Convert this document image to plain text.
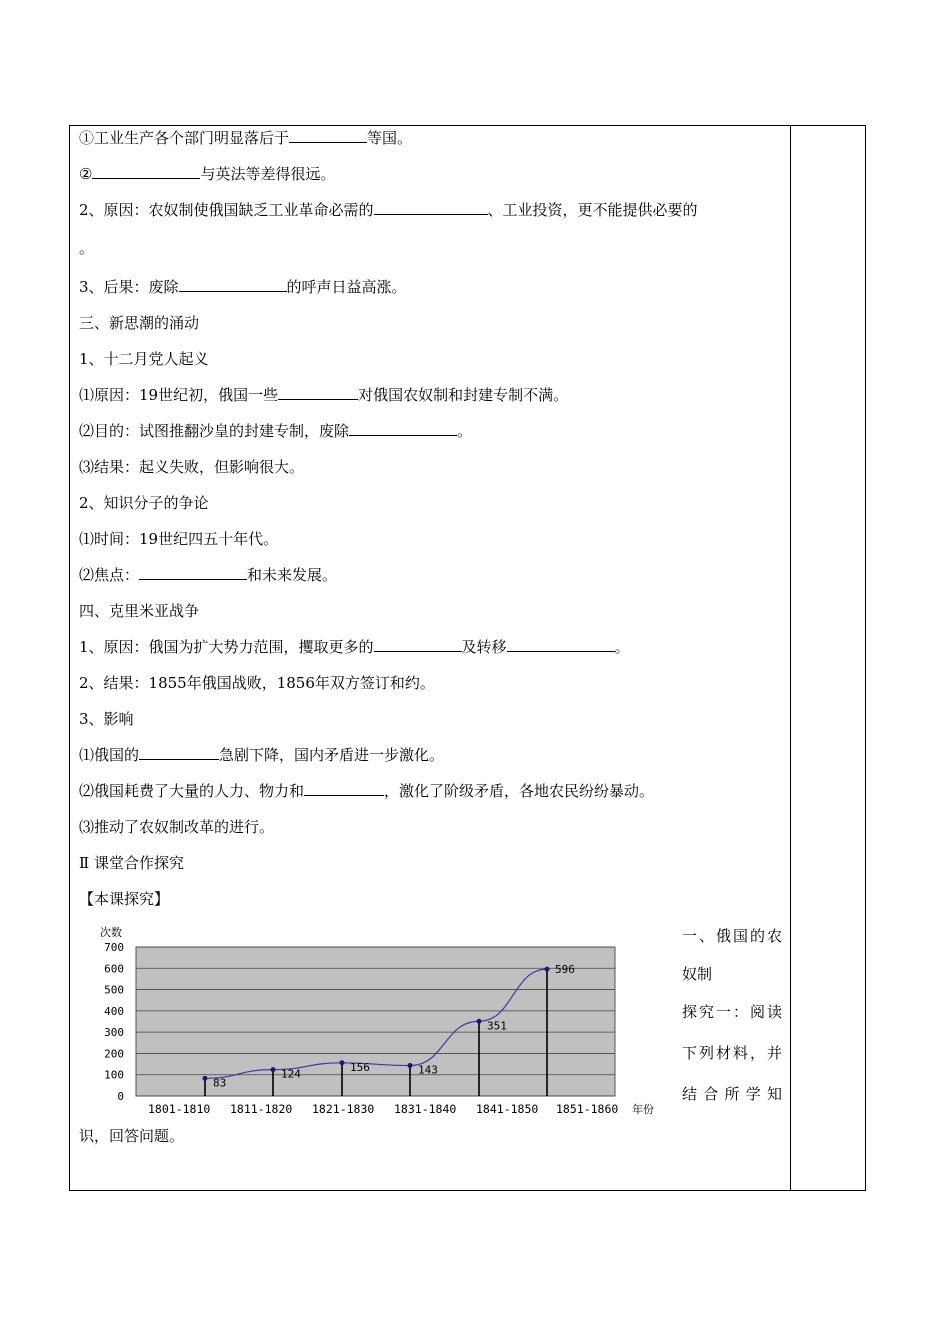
①工业生产各个部门明显落后于	等国。
②	与英法等差得很远。
2、原因：农奴制使俄国缺乏工业革命必需的	、工业投资，更不能提供必要的
。
3、后果：废除	的呼声日益高涨。
三、新思潮的涌动
1、十二月党人起义
⑴原因：19世纪初，俄国一些	对俄国农奴制和封建专制不满。
⑵目的：试图推翻沙皇的封建专制，废除	。
⑶结果：起义失败，但影响很大。
2、知识分子的争论
⑴时间：19世纪四五十年代。
⑵焦点：	和未来发展。
四、克里米亚战争
1、原因：俄国为扩大势力范围，攫取更多的	及转移	。
2、结果：1855年俄国战败，1856年双方签订和约。
3、影响
⑴俄国的	急剧下降，国内矛盾进一步激化。
⑵俄国耗费了大量的人力、物力和	，激化了阶级矛盾，各地农民纷纷暴动。
⑶推动了农奴制改革的进行。
Ⅱ 课堂合作探究
【本课探究】
一、俄国的农
奴制
探究一：阅读
下列材料，并
结合所学知
识，回答问题。
0
100
200
300
400
500
600
700
次数
83
124
156	143
351
596
1801-1810 1811-1820 1821-1830 1831-1840 1841-1850 1851-1860 年份
